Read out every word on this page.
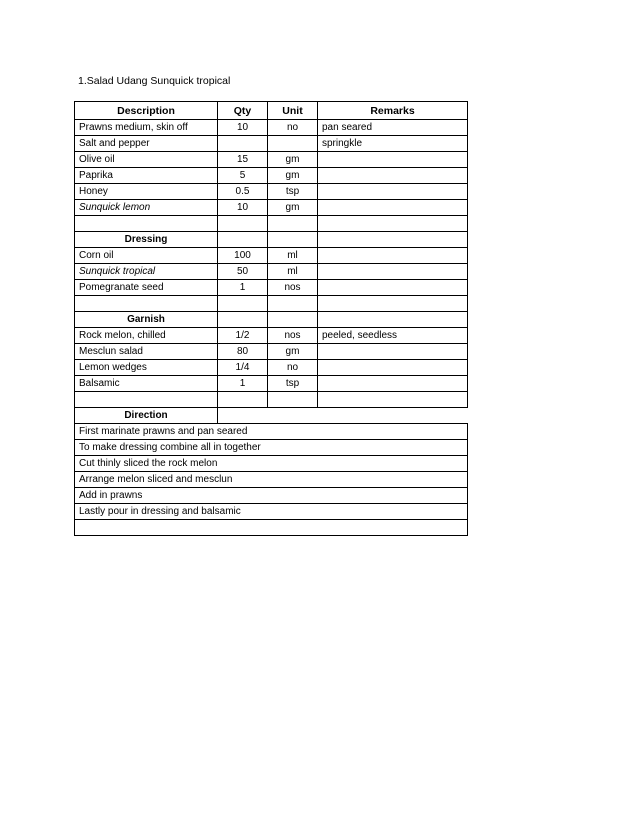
1.Salad Udang Sunquick tropical
Description	Qty	Unit	Remarks
Prawns medium, skin off	10	no	pan seared
Salt and pepper			springkle
Olive oil	15	gm	
Paprika	5	gm	
Honey	0.5	tsp	
Sunquick lemon	10	gm	

Dressing			
Corn oil	100	ml	
Sunquick tropical	50	ml	
Pomegranate seed	1	nos	

Garnish			
Rock melon, chilled	1/2	nos	peeled, seedless
Mesclun salad	80	gm	
Lemon wedges	1/4	no	
Balsamic	1	tsp	

Direction			
First marinate prawns and pan seared			
To make dressing combine all in together			
Cut thinly sliced the rock melon			
Arrange melon sliced and mesclun			
Add in prawns			
Lastly pour in dressing and balsamic			
